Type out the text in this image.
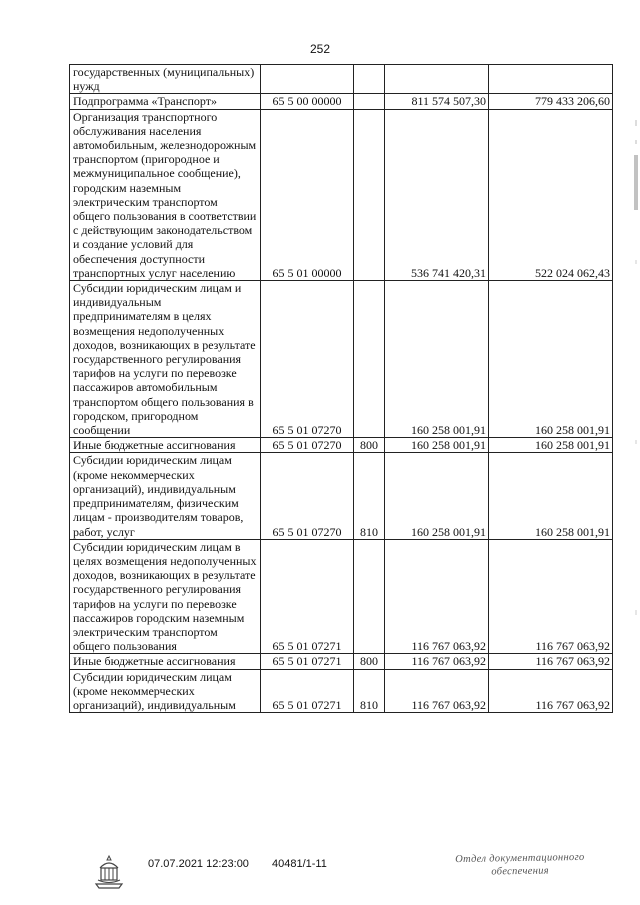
252
государственных (муниципальных) нужд				
Подпрограмма «Транспорт»	65 5 00 00000		811 574 507,30	779 433 206,60
Организация транспортного обслуживания населения автомобильным, железнодорожным транспортом (пригородное и межмуниципальное сообщение), городским наземным электрическим транспортом общего пользования в соответствии с действующим законодательством и создание условий для обеспечения доступности транспортных услуг населению	65 5 01 00000		536 741 420,31	522 024 062,43
Субсидии юридическим лицам и индивидуальным предпринимателям в целях возмещения недополученных доходов, возникающих в результате государственного регулирования тарифов на услуги по перевозке пассажиров автомобильным транспортом общего пользования в городском, пригородном сообщении	65 5 01 07270		160 258 001,91	160 258 001,91
Иные бюджетные ассигнования	65 5 01 07270	800	160 258 001,91	160 258 001,91
Субсидии юридическим лицам (кроме некоммерческих организаций), индивидуальным предпринимателям, физическим лицам - производителям товаров, работ, услуг	65 5 01 07270	810	160 258 001,91	160 258 001,91
Субсидии юридическим лицам в целях возмещения недополученных доходов, возникающих в результате государственного регулирования тарифов на услуги по перевозке пассажиров городским наземным электрическим транспортом общего пользования	65 5 01 07271		116 767 063,92	116 767 063,92
Иные бюджетные ассигнования	65 5 01 07271	800	116 767 063,92	116 767 063,92
Субсидии юридическим лицам (кроме некоммерческих организаций), индивидуальным	65 5 01 07271	810	116 767 063,92	116 767 063,92
07.07.2021 12:23:00 40481/1-11	Отдел документационного
обеспечения
